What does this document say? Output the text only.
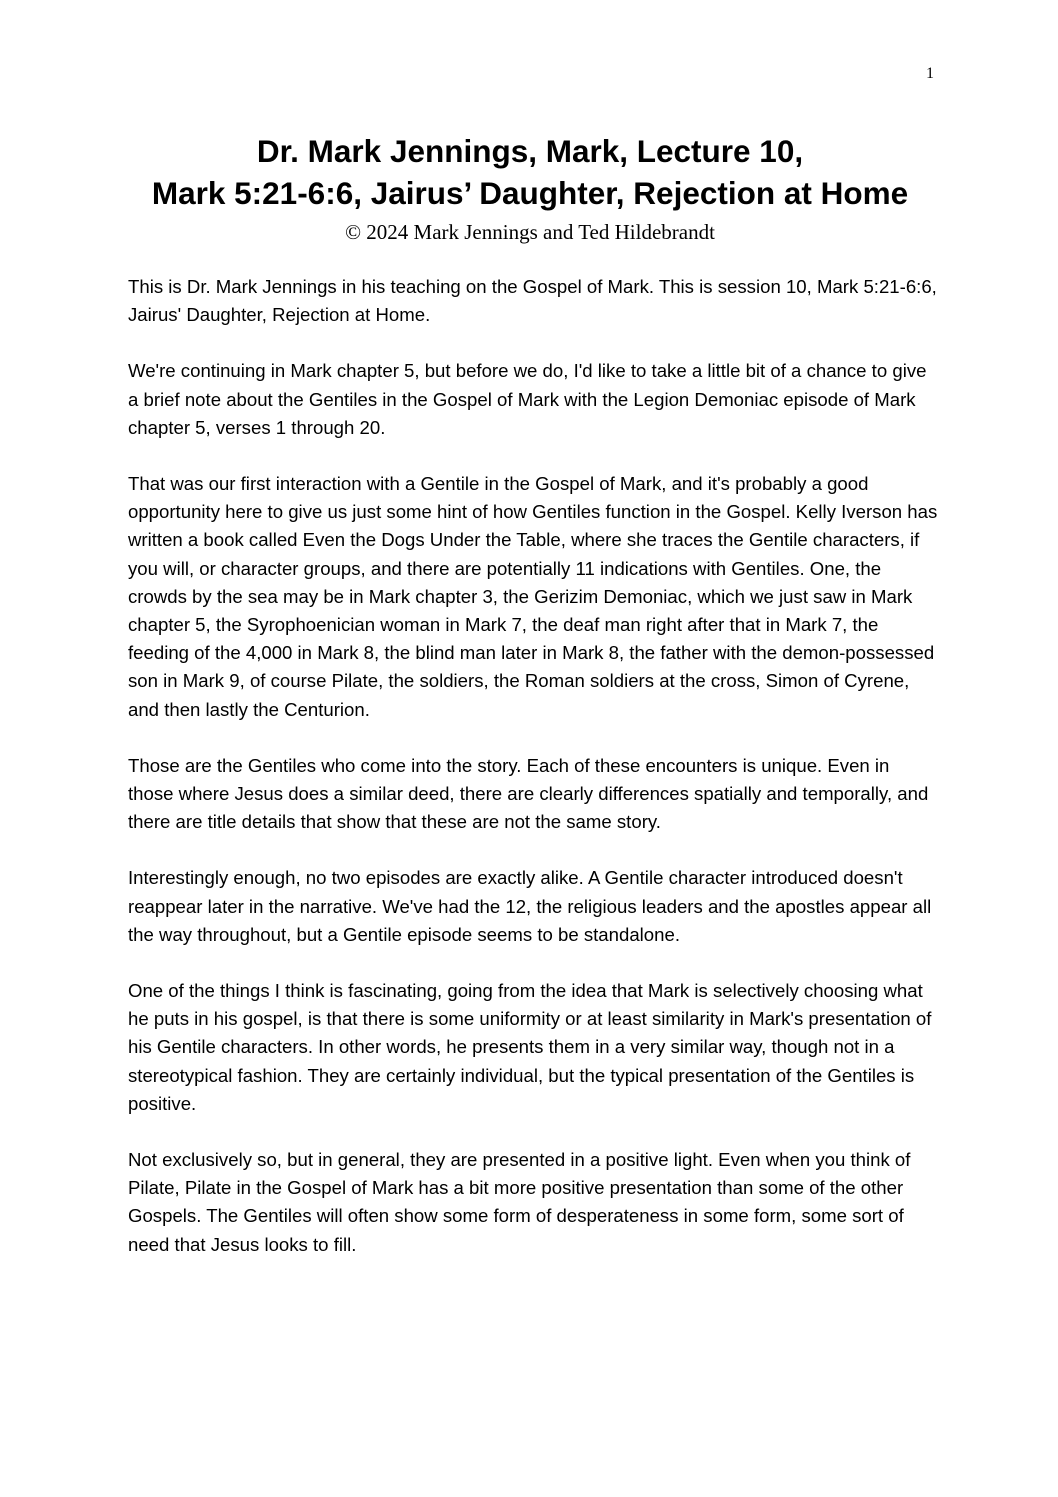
1
Dr. Mark Jennings, Mark, Lecture 10,
Mark 5:21-6:6, Jairus’ Daughter, Rejection at Home
© 2024 Mark Jennings and Ted Hildebrandt

This is Dr. Mark Jennings in his teaching on the Gospel of Mark. This is session 10, Mark 5:21-6:6, Jairus' Daughter, Rejection at Home.

We're continuing in Mark chapter 5, but before we do, I'd like to take a little bit of a chance to give a brief note about the Gentiles in the Gospel of Mark with the Legion Demoniac episode of Mark chapter 5, verses 1 through 20.

That was our first interaction with a Gentile in the Gospel of Mark, and it's probably a good opportunity here to give us just some hint of how Gentiles function in the Gospel. Kelly Iverson has written a book called Even the Dogs Under the Table, where she traces the Gentile characters, if you will, or character groups, and there are potentially 11 indications with Gentiles. One, the crowds by the sea may be in Mark chapter 3, the Gerizim Demoniac, which we just saw in Mark chapter 5, the Syrophoenician woman in Mark 7, the deaf man right after that in Mark 7, the feeding of the 4,000 in Mark 8, the blind man later in Mark 8, the father with the demon-possessed son in Mark 9, of course Pilate, the soldiers, the Roman soldiers at the cross, Simon of Cyrene, and then lastly the Centurion.

Those are the Gentiles who come into the story. Each of these encounters is unique. Even in those where Jesus does a similar deed, there are clearly differences spatially and temporally, and there are title details that show that these are not the same story.

Interestingly enough, no two episodes are exactly alike. A Gentile character introduced doesn't reappear later in the narrative. We've had the 12, the religious leaders and the apostles appear all the way throughout, but a Gentile episode seems to be standalone.

One of the things I think is fascinating, going from the idea that Mark is selectively choosing what he puts in his gospel, is that there is some uniformity or at least similarity in Mark's presentation of his Gentile characters. In other words, he presents them in a very similar way, though not in a stereotypical fashion. They are certainly individual, but the typical presentation of the Gentiles is positive.

Not exclusively so, but in general, they are presented in a positive light. Even when you think of Pilate, Pilate in the Gospel of Mark has a bit more positive presentation than some of the other Gospels. The Gentiles will often show some form of desperateness in some form, some sort of need that Jesus looks to fill.
